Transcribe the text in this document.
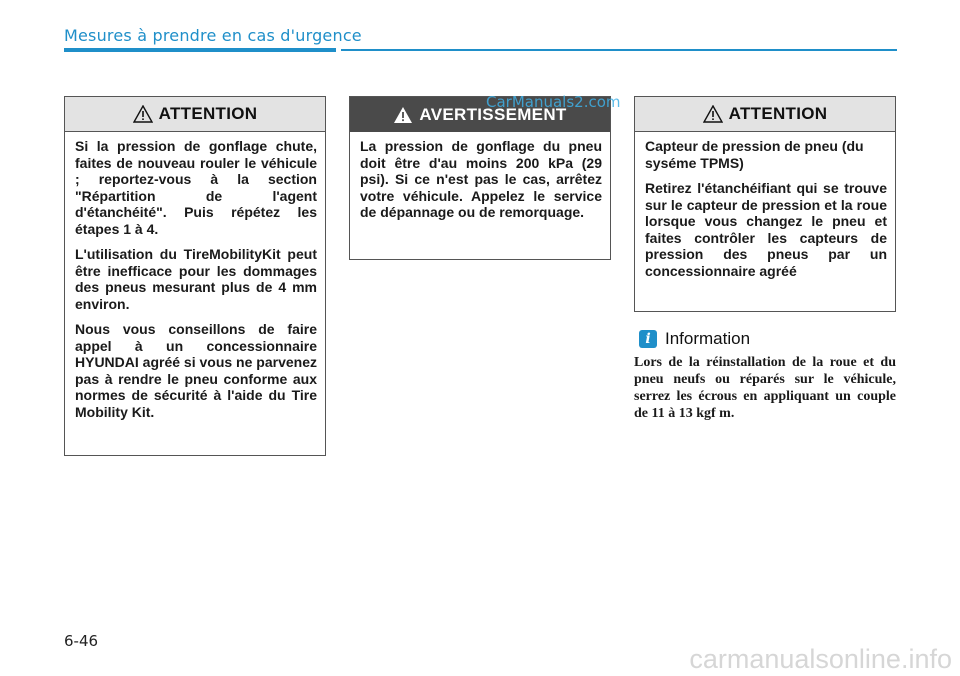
Mesures à prendre en cas d'urgence
ATTENTION

Si la pression de gonflage chute, faites de nouveau rouler le véhicule ; reportez-vous à la section "Répartition de l'agent d'étanchéité". Puis répétez les étapes 1 à 4.

L'utilisation du TireMobilityKit peut être inefficace pour les dommages des pneus mesurant plus de 4 mm environ.

Nous vous conseillons de faire appel à un concessionnaire HYUNDAI agréé si vous ne parvenez pas à rendre le pneu conforme aux normes de sécurité à l'aide du Tire Mobility Kit.

AVERTISSEMENT

La pression de gonflage du pneu doit être d'au moins 200 kPa (29 psi). Si ce n'est pas le cas, arrêtez votre véhicule. Appelez le service de dépannage ou de remorquage.

ATTENTION

Capteur de pression de pneu (du syséme TPMS)

Retirez l'étanchéifiant qui se trouve sur le capteur de pression et la roue lorsque vous changez le pneu et faites contrôler les capteurs de pression des pneus par un concessionnaire agréé

CarManuals2.com
i Information

Lors de la réinstallation de la roue et du pneu neufs ou réparés sur le véhicule, serrez les écrous en appliquant un couple de 11 à 13 kgf m.

6-46
carmanualsonline.info
